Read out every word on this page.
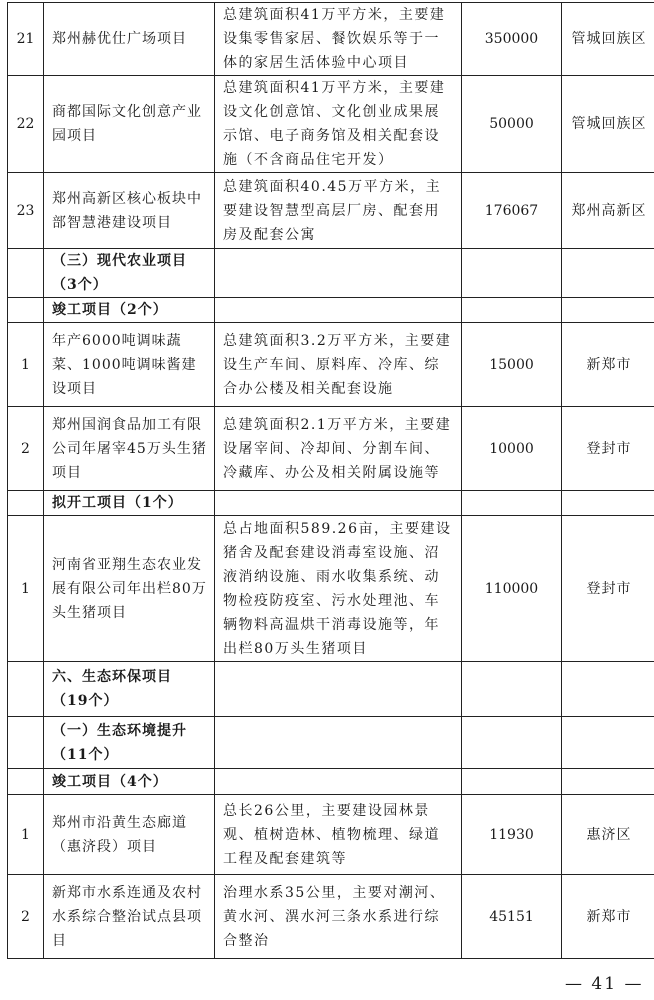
21	郑州赫优仕广场项目	总建筑面积41万平方米，主要建设集零售家居、餐饮娱乐等于一体的家居生活体验中心项目	350000	管城回族区
22	商都国际文化创意产业园项目	总建筑面积41万平方米，主要建设文化创意馆、文化创业成果展示馆、电子商务馆及相关配套设施（不含商品住宅开发）	50000	管城回族区
23	郑州高新区核心板块中部智慧港建设项目	总建筑面积40.45万平方米，主要建设智慧型高层厂房、配套用房及配套公寓	176067	郑州高新区
	（三）现代农业项目（3个）			
	竣工项目（2个）			
1	年产6000吨调味蔬菜、1000吨调味酱建设项目	总建筑面积3.2万平方米，主要建设生产车间、原料库、冷库、综合办公楼及相关配套设施	15000	新郑市
2	郑州国润食品加工有限公司年屠宰45万头生猪项目	总建筑面积2.1万平方米，主要建设屠宰间、冷却间、分割车间、冷藏库、办公及相关附属设施等	10000	登封市
	拟开工项目（1个）			
1	河南省亚翔生态农业发展有限公司年出栏80万头生猪项目	总占地面积589.26亩，主要建设猪舍及配套建设消毒室设施、沼液消纳设施、雨水收集系统、动物检疫防疫室、污水处理池、车辆物料高温烘干消毒设施等，年出栏80万头生猪项目	110000	登封市
	六、生态环保项目（19个）			
	（一）生态环境提升（11个）			
	竣工项目（4个）			
1	郑州市沿黄生态廊道（惠济段）项目	总长26公里，主要建设园林景观、植树造林、植物梳理、绿道工程及配套建筑等	11930	惠济区
2	新郑市水系连通及农村水系综合整治试点县项目	治理水系35公里，主要对潮河、黄水河、潩水河三条水系进行综合整治	45151	新郑市
— 41 —
